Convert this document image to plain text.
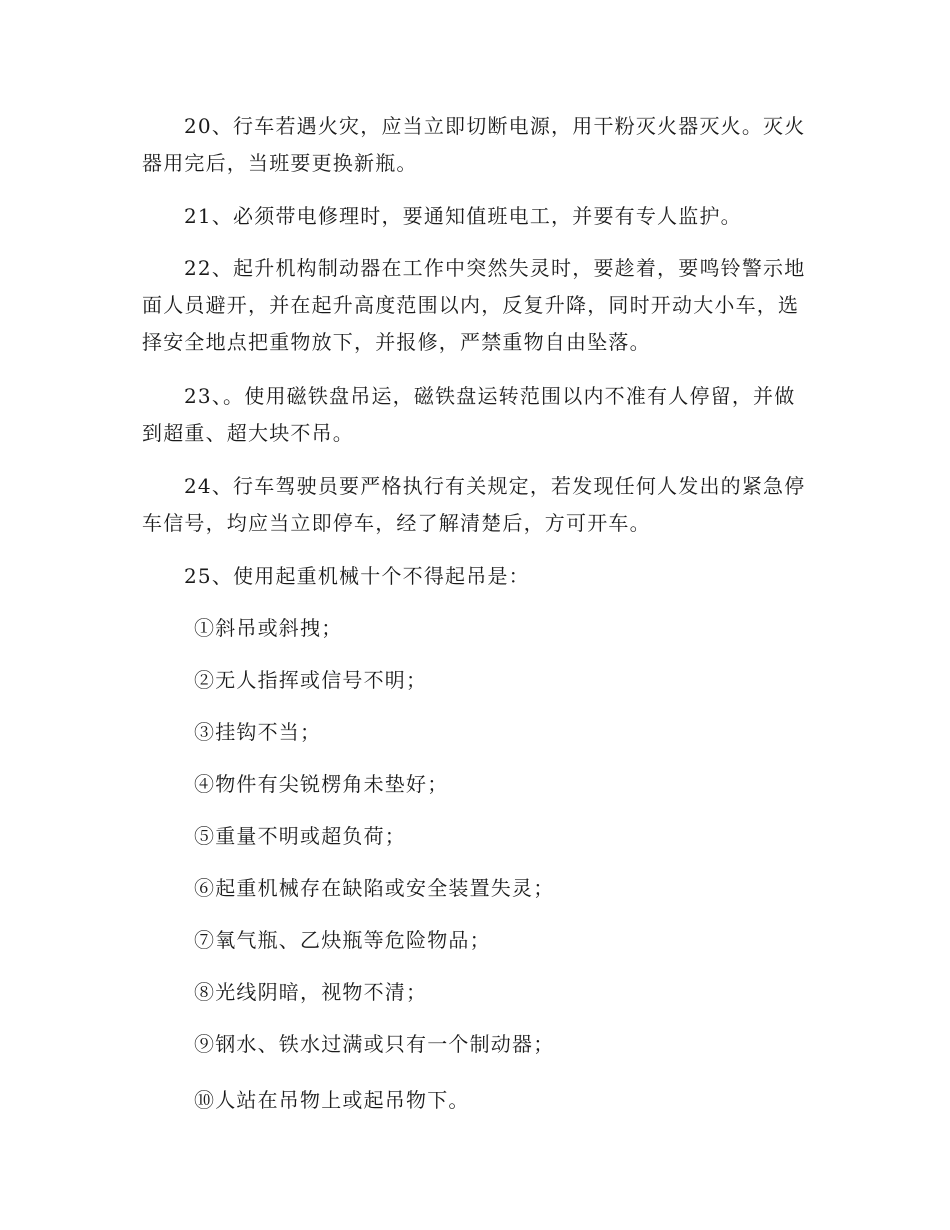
20、行车若遇火灾，应当立即切断电源，用干粉灭火器灭火。灭火器用完后，当班要更换新瓶。

21、必须带电修理时，要通知值班电工，并要有专人监护。

22、起升机构制动器在工作中突然失灵时，要趁着，要鸣铃警示地面人员避开，并在起升高度范围以内，反复升降，同时开动大小车，选择安全地点把重物放下，并报修，严禁重物自由坠落。

23、。使用磁铁盘吊运，磁铁盘运转范围以内不准有人停留，并做到超重、超大块不吊。

24、行车驾驶员要严格执行有关规定，若发现任何人发出的紧急停车信号，均应当立即停车，经了解清楚后，方可开车。

25、使用起重机械十个不得起吊是：

①斜吊或斜拽；

②无人指挥或信号不明；

③挂钩不当；

④物件有尖锐楞角未垫好；

⑤重量不明或超负荷；

⑥起重机械存在缺陷或安全装置失灵；

⑦氧气瓶、乙炔瓶等危险物品；

⑧光线阴暗，视物不清；

⑨钢水、铁水过满或只有一个制动器；

⑩人站在吊物上或起吊物下。
